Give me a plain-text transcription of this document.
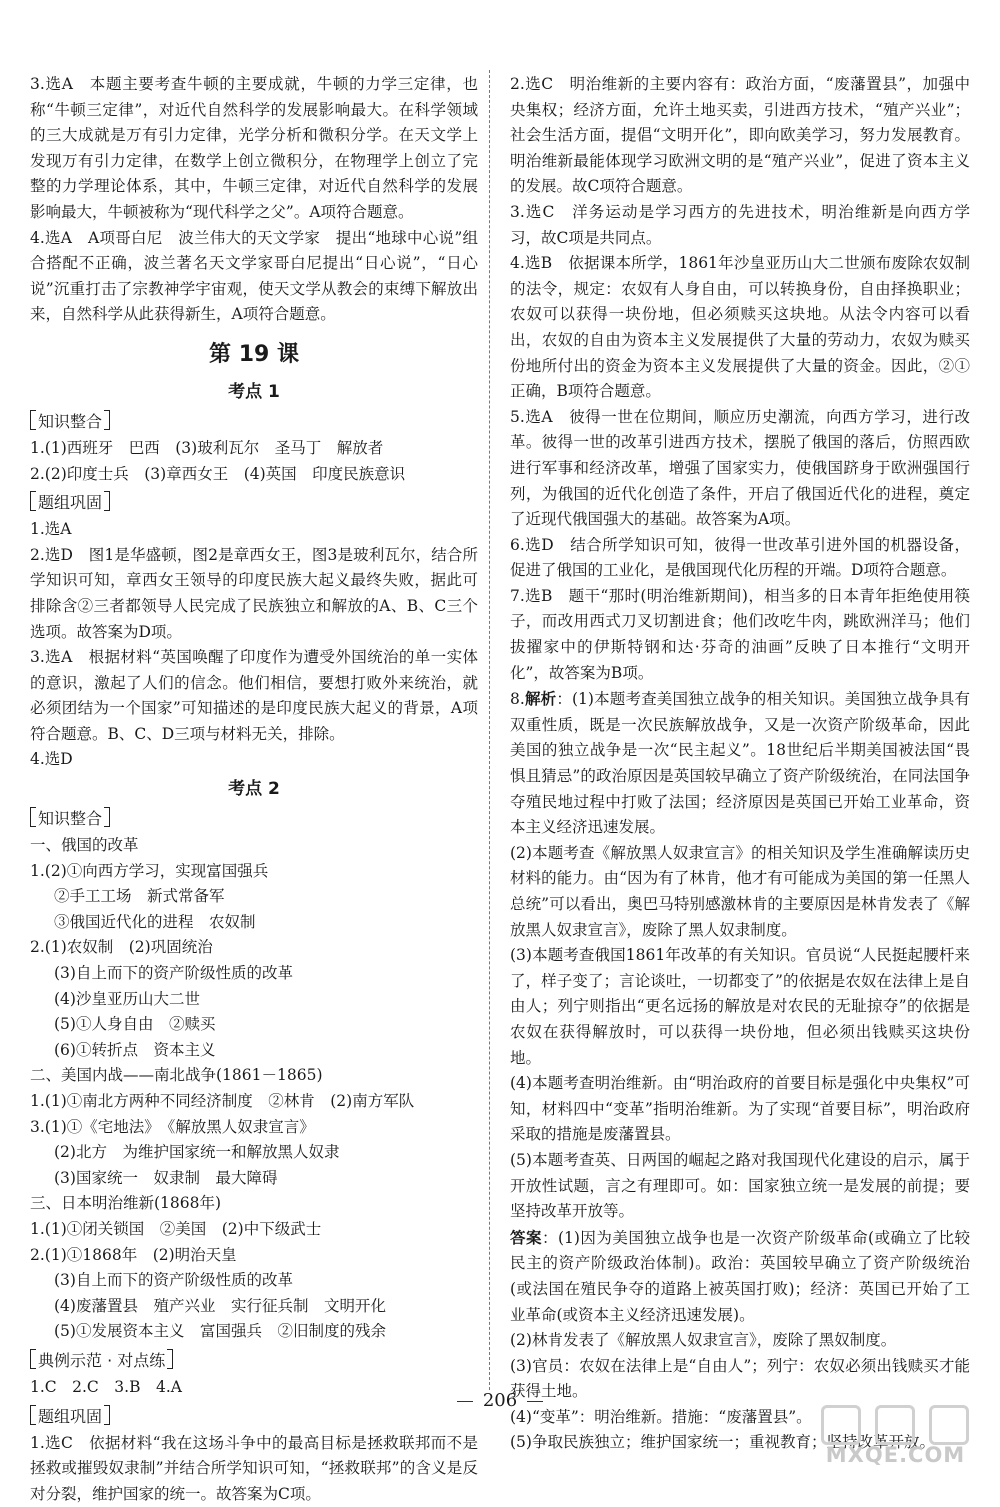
3.选A　本题主要考查牛顿的主要成就，牛顿的力学三定律，也称“牛顿三定律”，对近代自然科学的发展影响最大。在科学领域的三大成就是万有引力定律，光学分析和微积分学。在天文学上发现万有引力定律，在数学上创立微积分，在物理学上创立了完整的力学理论体系，其中，牛顿三定律，对近代自然科学的发展影响最大，牛顿被称为“现代科学之父”。A项符合题意。

4.选A　A项哥白尼　波兰伟大的天文学家　提出“地球中心说”组合搭配不正确，波兰著名天文学家哥白尼提出“日心说”，“日心说”沉重打击了宗教神学宇宙观，使天文学从教会的束缚下解放出来，自然科学从此获得新生，A项符合题意。

第 19 课
考点 1
知识整合

1.(1)西班牙　巴西　(3)玻利瓦尔　圣马丁　解放者

2.(2)印度士兵　(3)章西女王　(4)英国　印度民族意识

题组巩固

1.选A

2.选D　图1是华盛顿，图2是章西女王，图3是玻利瓦尔，结合所学知识可知，章西女王领导的印度民族大起义最终失败，据此可排除含②三者都领导人民完成了民族独立和解放的A、B、C三个选项。故答案为D项。

3.选A　根据材料“英国唤醒了印度作为遭受外国统治的单一实体的意识，激起了人们的信念。他们相信，要想打败外来统治，就必须团结为一个国家”可知描述的是印度民族大起义的背景，A项符合题意。B、C、D三项与材料无关，排除。

4.选D

考点 2
知识整合

一、俄国的改革

1.(2)①向西方学习，实现富国强兵

②手工工场　新式常备军

③俄国近代化的进程　农奴制

2.(1)农奴制　(2)巩固统治

(3)自上而下的资产阶级性质的改革

(4)沙皇亚历山大二世

(5)①人身自由　②赎买

(6)①转折点　资本主义

二、美国内战——南北战争(1861－1865)

1.(1)①南北方两种不同经济制度　②林肯　(2)南方军队

3.(1)①《宅地法》　《解放黑人奴隶宣言》

(2)北方　为维护国家统一和解放黑人奴隶

(3)国家统一　奴隶制　最大障碍

三、日本明治维新(1868年)

1.(1)①闭关锁国　②美国　(2)中下级武士

2.(1)①1868年　(2)明治天皇

(3)自上而下的资产阶级性质的改革

(4)废藩置县　殖产兴业　实行征兵制　文明开化

(5)①发展资本主义　富国强兵　②旧制度的残余

典例示范 · 对点练

1.C　2.C　3.B　4.A

题组巩固

1.选C　依据材料“我在这场斗争中的最高目标是拯救联邦而不是拯救或摧毁奴隶制”并结合所学知识可知，“拯救联邦”的含义是反对分裂，维护国家的统一。故答案为C项。

2.选C　明治维新的主要内容有：政治方面，“废藩置县”，加强中央集权；经济方面，允许土地买卖，引进西方技术，“殖产兴业”；社会生活方面，提倡“文明开化”，即向欧美学习，努力发展教育。明治维新最能体现学习欧洲文明的是“殖产兴业”，促进了资本主义的发展。故C项符合题意。

3.选C　洋务运动是学习西方的先进技术，明治维新是向西方学习，故C项是共同点。

4.选B　依据课本所学，1861年沙皇亚历山大二世颁布废除农奴制的法令，规定：农奴有人身自由，可以转换身份，自由择换职业；农奴可以获得一块份地，但必须赎买这块地。从法令内容可以看出，农奴的自由为资本主义发展提供了大量的劳动力，农奴为赎买份地所付出的资金为资本主义发展提供了大量的资金。因此，②①正确，B项符合题意。

5.选A　彼得一世在位期间，顺应历史潮流，向西方学习，进行改革。彼得一世的改革引进西方技术，摆脱了俄国的落后，仿照西欧进行军事和经济改革，增强了国家实力，使俄国跻身于欧洲强国行列，为俄国的近代化创造了条件，开启了俄国近代化的进程，奠定了近现代俄国强大的基础。故答案为A项。

6.选D　结合所学知识可知，彼得一世改革引进外国的机器设备，促进了俄国的工业化，是俄国现代化历程的开端。D项符合题意。

7.选B　题干“那时(明治维新期间)，相当多的日本青年拒绝使用筷子，而改用西式刀叉切割进食；他们改吃牛肉，跳欧洲洋马；他们拔擢家中的伊斯特钢和达·芬奇的油画”反映了日本推行“文明开化”，故答案为B项。

8.解析：(1)本题考查美国独立战争的相关知识。美国独立战争具有双重性质，既是一次民族解放战争，又是一次资产阶级革命，因此美国的独立战争是一次“民主起义”。18世纪后半期美国被法国“畏惧且猜忌”的政治原因是英国较早确立了资产阶级统治，在同法国争夺殖民地过程中打败了法国；经济原因是英国已开始工业革命，资本主义经济迅速发展。

(2)本题考查《解放黑人奴隶宣言》的相关知识及学生准确解读历史材料的能力。由“因为有了林肯，他才有可能成为美国的第一任黑人总统”可以看出，奥巴马特别感激林肯的主要原因是林肯发表了《解放黑人奴隶宣言》，废除了黑人奴隶制度。

(3)本题考查俄国1861年改革的有关知识。官员说“人民挺起腰杆来了，样子变了；言论谈吐，一切都变了”的依据是农奴在法律上是自由人；列宁则指出“更名远扬的解放是对农民的无耻掠夺”的依据是农奴在获得解放时，可以获得一块份地，但必须出钱赎买这块份地。

(4)本题考查明治维新。由“明治政府的首要目标是强化中央集权”可知，材料四中“变革”指明治维新。为了实现“首要目标”，明治政府采取的措施是废藩置县。

(5)本题考查英、日两国的崛起之路对我国现代化建设的启示，属于开放性试题，言之有理即可。如：国家独立统一是发展的前提；要坚持改革开放等。

答案：(1)因为美国独立战争也是一次资产阶级革命(或确立了比较民主的资产阶级政治体制)。政治：英国较早确立了资产阶级统治(或法国在殖民争夺的道路上被英国打败)；经济：英国已开始了工业革命(或资本主义经济迅速发展)。

(2)林肯发表了《解放黑人奴隶宣言》，废除了黑奴制度。

(3)官员：农奴在法律上是“自由人”；列宁：农奴必须出钱赎买才能获得土地。

(4)“变革”：明治维新。措施：“废藩置县”。

(5)争取民族独立；维护国家统一；重视教育；坚持改革开放。

206
MXQE.COM
